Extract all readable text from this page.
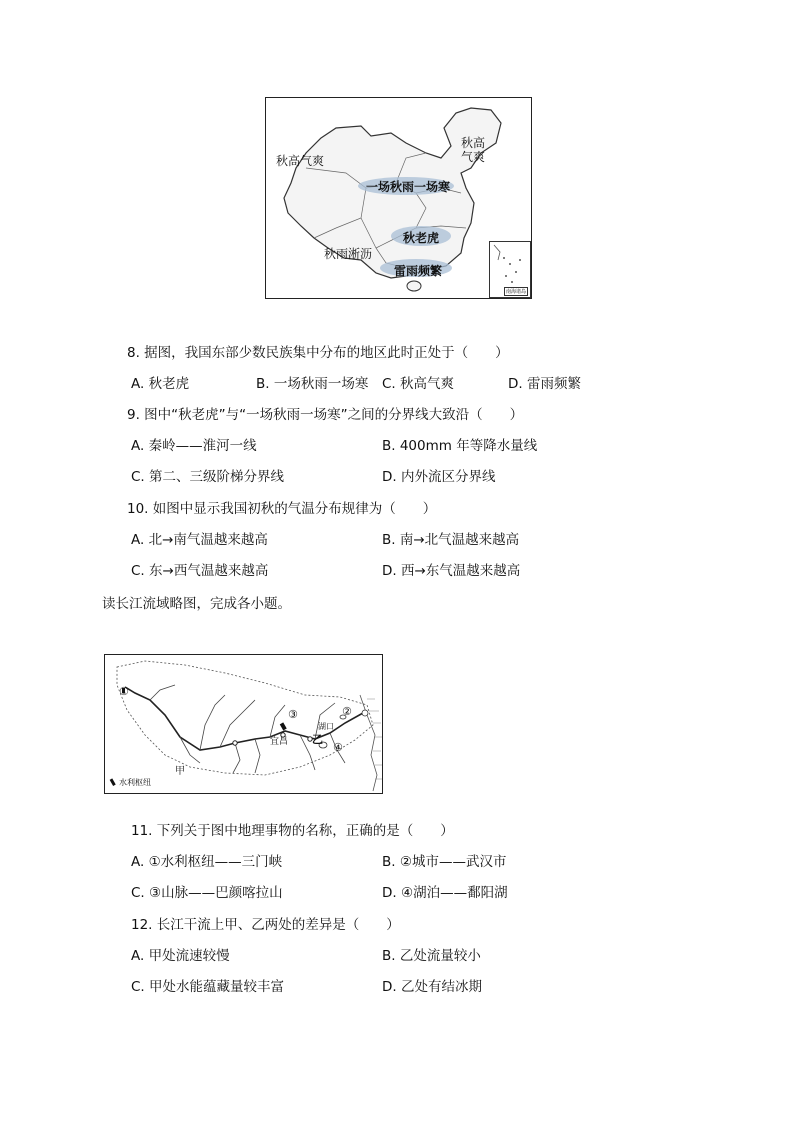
秋高气爽
秋高气爽
一场秋雨一场寒
秋老虎
秋雨淅沥
雷雨频繁
南海诸岛
8. 据图，我国东部少数民族集中分布的地区此时正处于（　　）
A. 秋老虎	B. 一场秋雨一场寒 C. 秋高气爽	D. 雷雨频繁
9. 图中“秋老虎”与“一场秋雨一场寒”之间的分界线大致沿（　　）
A. 秦岭——淮河一线	B. 400mm 年等降水量线
C. 第二、三级阶梯分界线	D. 内外流区分界线
10. 如图中显示我国初秋的气温分布规律为（　　）
A. 北→南气温越来越高	B. 南→北气温越来越高
C. 东→西气温越来越高	D. 西→东气温越来越高
读长江流域略图，完成各小题。
①
②
③
④
宜昌
湖口
乙
甲
水利枢纽
11. 下列关于图中地理事物的名称，正确的是（　　）
A. ①水利枢纽——三门峡	B. ②城市——武汉市
C. ③山脉——巴颜喀拉山	D. ④湖泊——鄱阳湖
12. 长江干流上甲、乙两处的差异是（　　）
A. 甲处流速较慢	B. 乙处流量较小
C. 甲处水能蕴藏量较丰富	D. 乙处有结冰期
